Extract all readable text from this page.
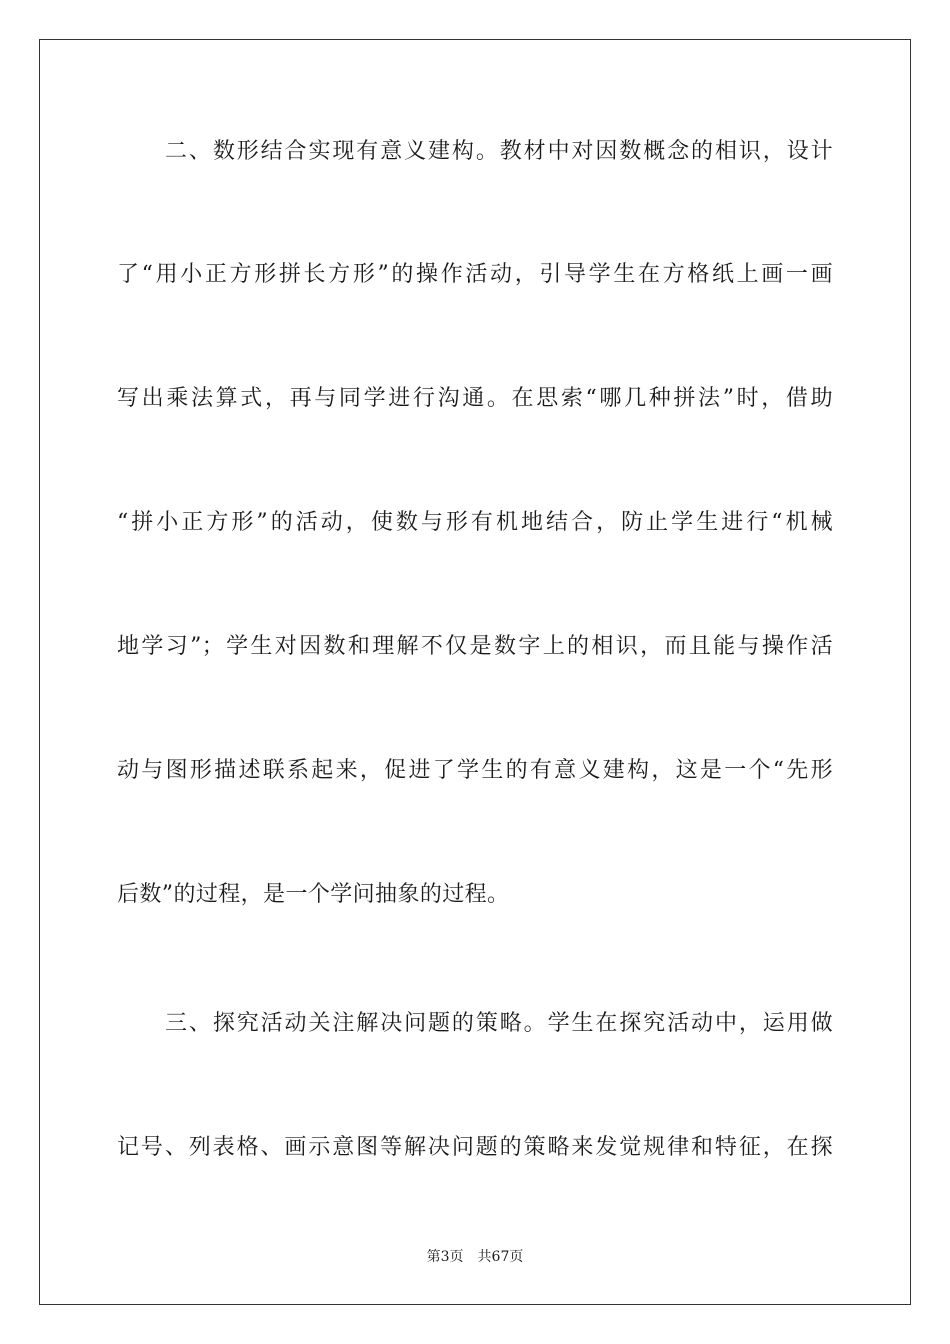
二、数形结合实现有意义建构。教材中对因数概念的相识，设计
了“用小正方形拼长方形”的操作活动，引导学生在方格纸上画一画
写出乘法算式，再与同学进行沟通。在思索“哪几种拼法”时，借助
“拼小正方形”的活动，使数与形有机地结合，防止学生进行“机械
地学习”；学生对因数和理解不仅是数字上的相识，而且能与操作活
动与图形描述联系起来，促进了学生的有意义建构，这是一个“先形
后数”的过程，是一个学问抽象的过程。
三、探究活动关注解决问题的策略。学生在探究活动中，运用做
记号、列表格、画示意图等解决问题的策略来发觉规律和特征，在探
第3页 共67页
